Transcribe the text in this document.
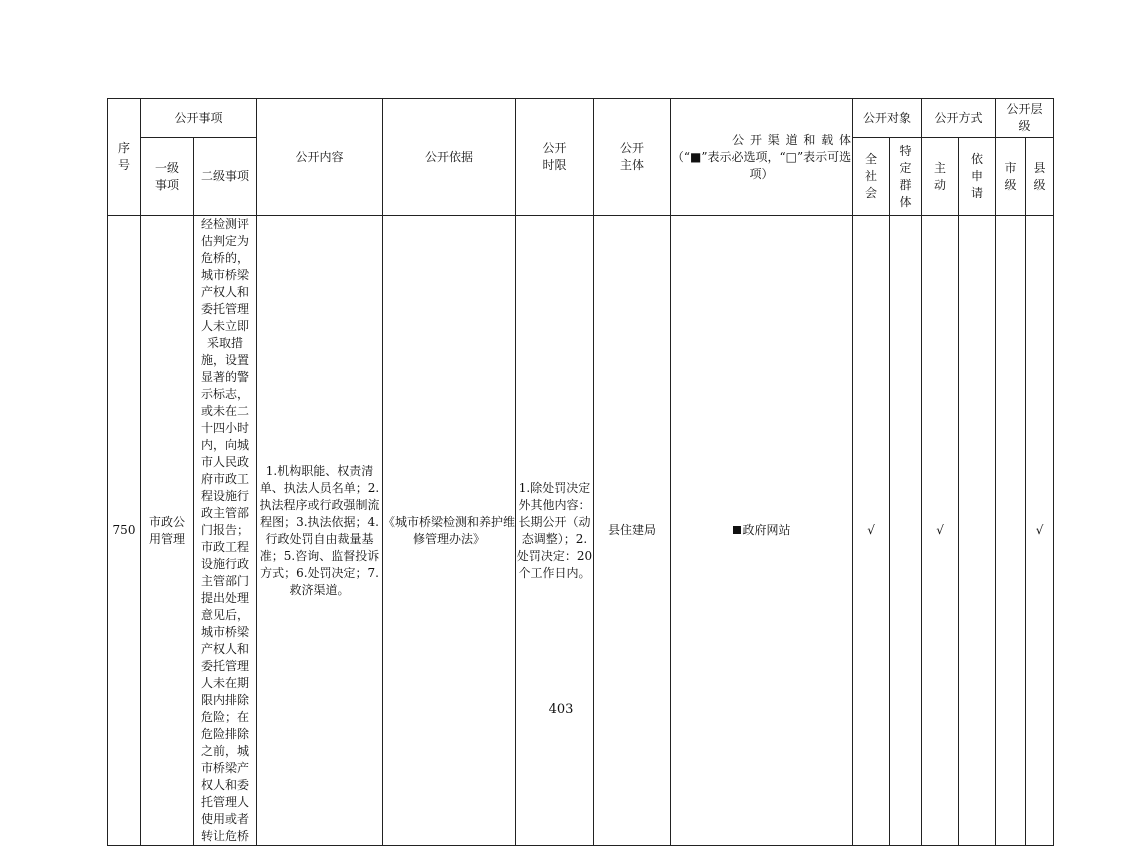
序号	公开事项		公开内容	公开依据	公开时限	公开主体	公 开 渠 道 和 载 体
（“■”表示必选项，“□”表示可选项）	公开对象		公开方式		公开层级	
	一级事项	二级事项						全社会	特定群体	主动	依申请	市级	县级
750	市政公用管理	经检测评估判定为危桥的，城市桥梁产权人和委托管理人未立即采取措施，设置显著的警示标志，或未在二十四小时内，向城市人民政府市政工程设施行政主管部门报告；市政工程设施行政主管部门提出处理意见后，城市桥梁产权人和委托管理人未在期限内排除危险；在危险排除之前，城市桥梁产权人和委托管理人使用或者转让危桥	1.机构职能、权责清单、执法人员名单；2.执法程序或行政强制流程图；3.执法依据；4.行政处罚自由裁量基准；5.咨询、监督投诉方式；6.处罚决定；7.救济渠道。	《城市桥梁检测和养护维修管理办法》	1.除处罚决定外其他内容：长期公开（动态调整）；2.处罚决定：20个工作日内。	县住建局	政府网站	√		√			√
403
